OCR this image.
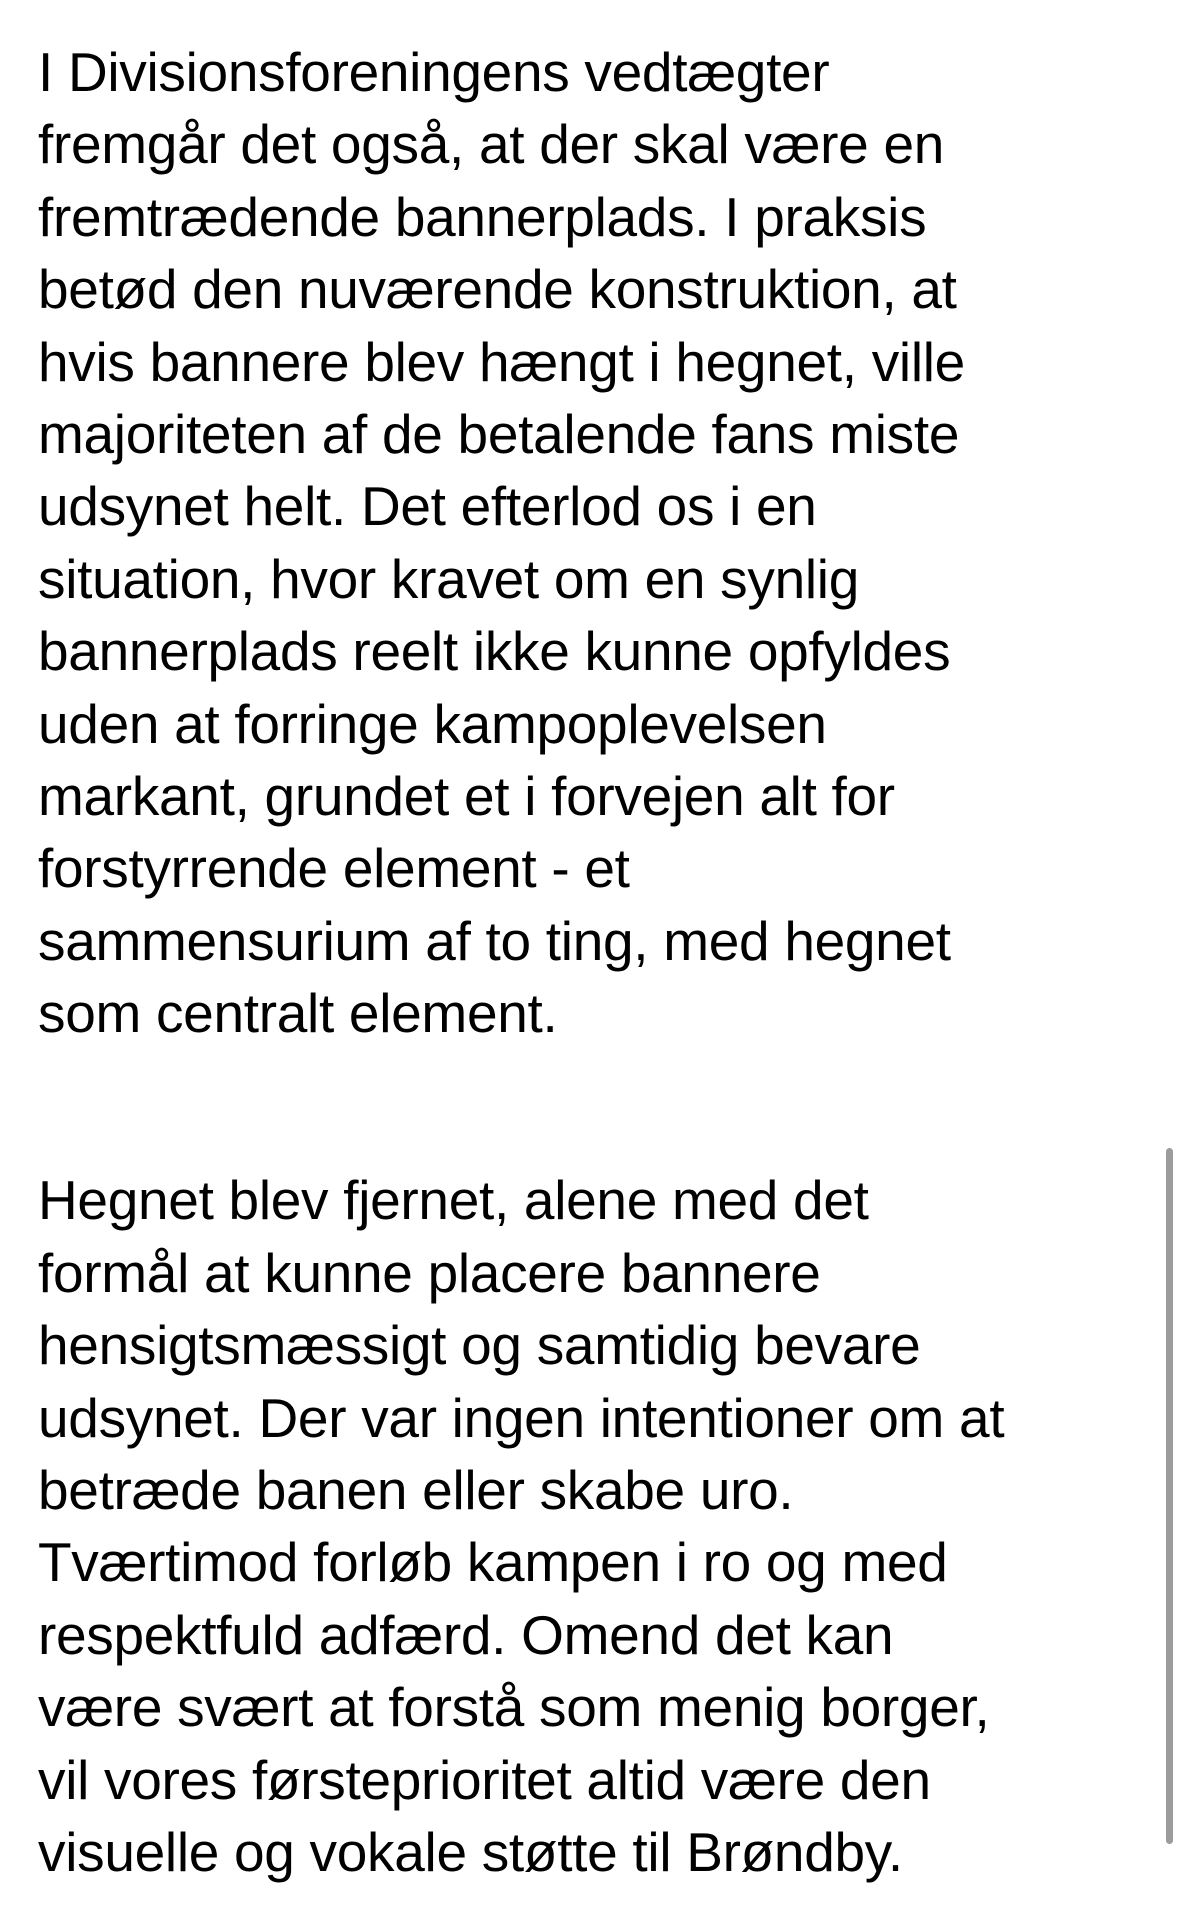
I Divisionsforeningens vedtægter
fremgår det også, at der skal være en
fremtrædende bannerplads. I praksis
betød den nuværende konstruktion, at
hvis bannere blev hængt i hegnet, ville
majoriteten af de betalende fans miste
udsynet helt. Det efterlod os i en
situation, hvor kravet om en synlig
bannerplads reelt ikke kunne opfyldes
uden at forringe kampoplevelsen
markant, grundet et i forvejen alt for
forstyrrende element - et
sammensurium af to ting, med hegnet
som centralt element.
Hegnet blev fjernet, alene med det
formål at kunne placere bannere
hensigtsmæssigt og samtidig bevare
udsynet. Der var ingen intentioner om at
betræde banen eller skabe uro.
Tværtimod forløb kampen i ro og med
respektfuld adfærd. Omend det kan
være svært at forstå som menig borger,
vil vores førsteprioritet altid være den
visuelle og vokale støtte til Brøndby.
